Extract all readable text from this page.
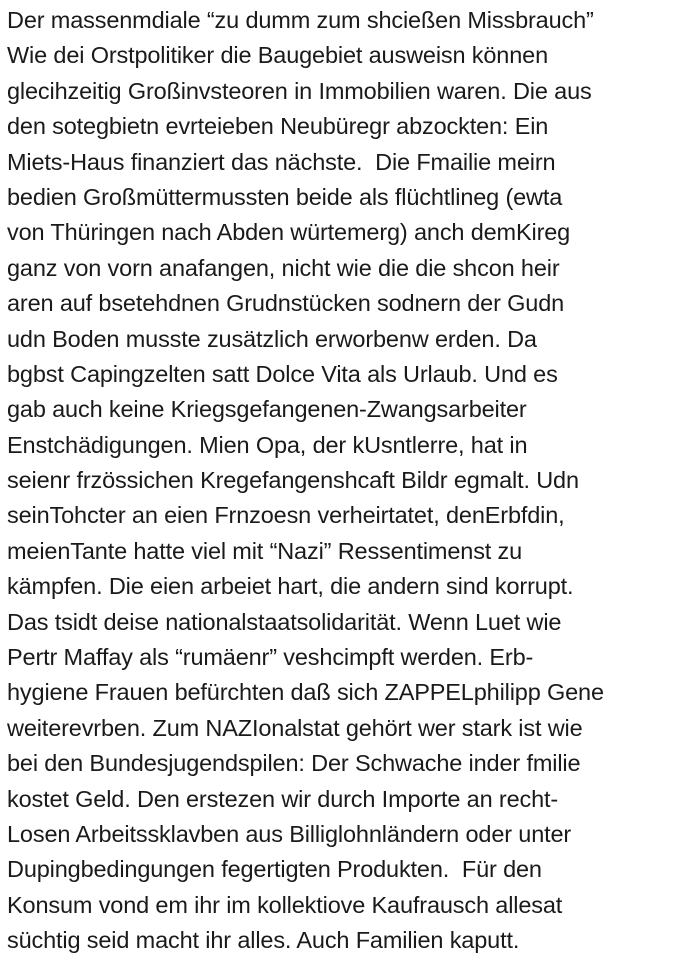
Der massenmdiale “zu dumm zum shcießen Missbrauch”
Wie dei Orstpolitiker die Baugebiet ausweisn können
glecihzeitig Großinvsteoren in Immobilien waren. Die aus
den sotegbietn evrteieben Neubüregr abzockten: Ein
Miets-Haus finanziert das nächste.  Die Fmailie meirn
bedien Großmüttermussten beide als flüchtlineg (ewta
von Thüringen nach Abden würtemerg) anch demKireg
ganz von vorn anafangen, nicht wie die die shcon heir
aren auf bsetehdnen Grudnstücken sodnern der Gudn
udn Boden musste zusätzlich erworbenw erden. Da
bgbst Capingzelten satt Dolce Vita als Urlaub. Und es
gab auch keine Kriegsgefangenen-Zwangsarbeiter
Enstchädigungen. Mien Opa, der kUsntlerre, hat in
seienr frzössichen Kregefangenshcaft Bildr egmalt. Udn
seinTohcter an eien Frnzoesn verheirtatet, denErbfdin,
meienTante hatte viel mit “Nazi” Ressentimenst zu
kämpfen. Die eien arbeiet hart, die andern sind korrupt.
Das tsidt deise nationalstaatsolidarität. Wenn Luet wie
Pertr Maffay als “rumäenr” veshcimpft werden. Erb-
hygiene Frauen befürchten daß sich ZAPPELphilipp Gene
weiterevrben. Zum NAZIonalstat gehört wer stark ist wie
bei den Bundesjugendspilen: Der Schwache inder fmilie
kostet Geld. Den erstezen wir durch Importe an recht-
Losen Arbeitssklavben aus Billiglohnländern oder unter
Dupingbedingungen fegertigten Produkten.  Für den
Konsum vond em ihr im kollektiove Kaufrausch allesat
süchtig seid macht ihr alles. Auch Familien kaputt.
